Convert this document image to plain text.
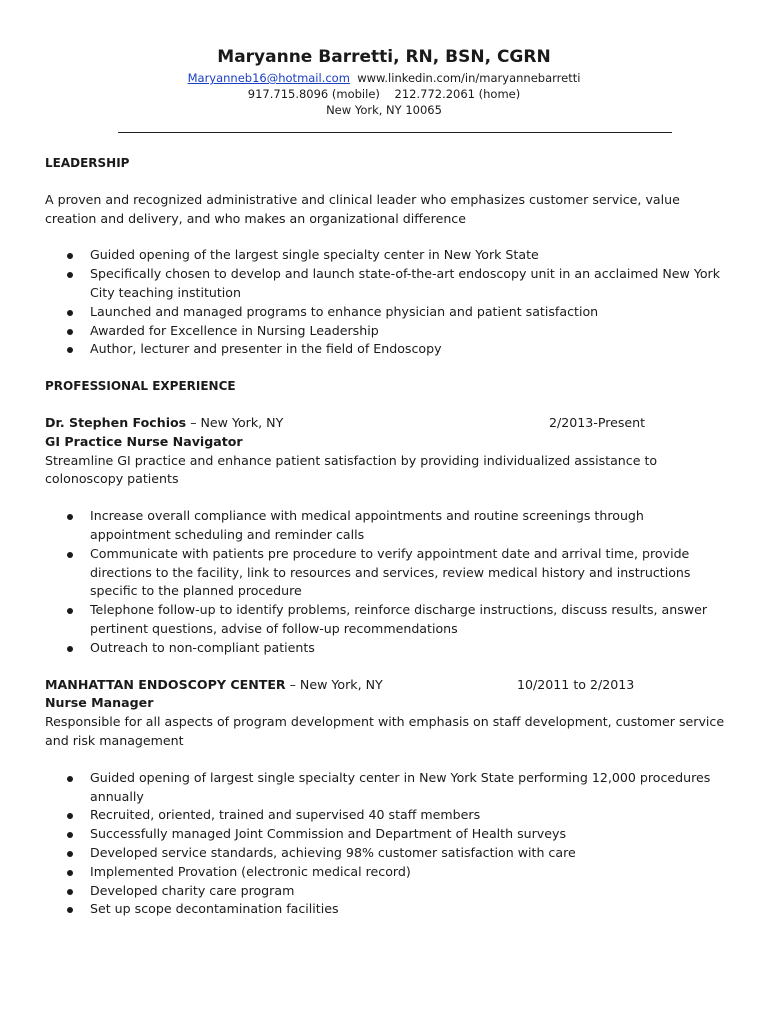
Maryanne Barretti, RN, BSN, CGRN

Maryanneb16@hotmail.com www.linkedin.com/in/maryannebarretti

917.715.8096 (mobile) 212.772.2061 (home)

New York, NY 10065

LEADERSHIP

A proven and recognized administrative and clinical leader who emphasizes customer service, value creation and delivery, and who makes an organizational difference

Guided opening of the largest single specialty center in New York State
Specifically chosen to develop and launch state-of-the-art endoscopy unit in an acclaimed New York City teaching institution
Launched and managed programs to enhance physician and patient satisfaction
Awarded for Excellence in Nursing Leadership
Author, lecturer and presenter in the field of Endoscopy

PROFESSIONAL EXPERIENCE

Dr. Stephen Fochios – New York, NY	2/2013-Present

GI Practice Nurse Navigator

Streamline GI practice and enhance patient satisfaction by providing individualized assistance to colonoscopy patients

Increase overall compliance with medical appointments and routine screenings through appointment scheduling and reminder calls
Communicate with patients pre procedure to verify appointment date and arrival time, provide directions to the facility, link to resources and services, review medical history and instructions specific to the planned procedure
Telephone follow-up to identify problems, reinforce discharge instructions, discuss results, answer pertinent questions, advise of follow-up recommendations
Outreach to non-compliant patients
MANHATTAN ENDOSCOPY CENTER – New York, NY	10/2011 to 2/2013

Nurse Manager

Responsible for all aspects of program development with emphasis on staff development, customer service and risk management

Guided opening of largest single specialty center in New York State performing 12,000 procedures annually
Recruited, oriented, trained and supervised 40 staff members
Successfully managed Joint Commission and Department of Health surveys
Developed service standards, achieving 98% customer satisfaction with care
Implemented Provation (electronic medical record)
Developed charity care program
Set up scope decontamination facilities
